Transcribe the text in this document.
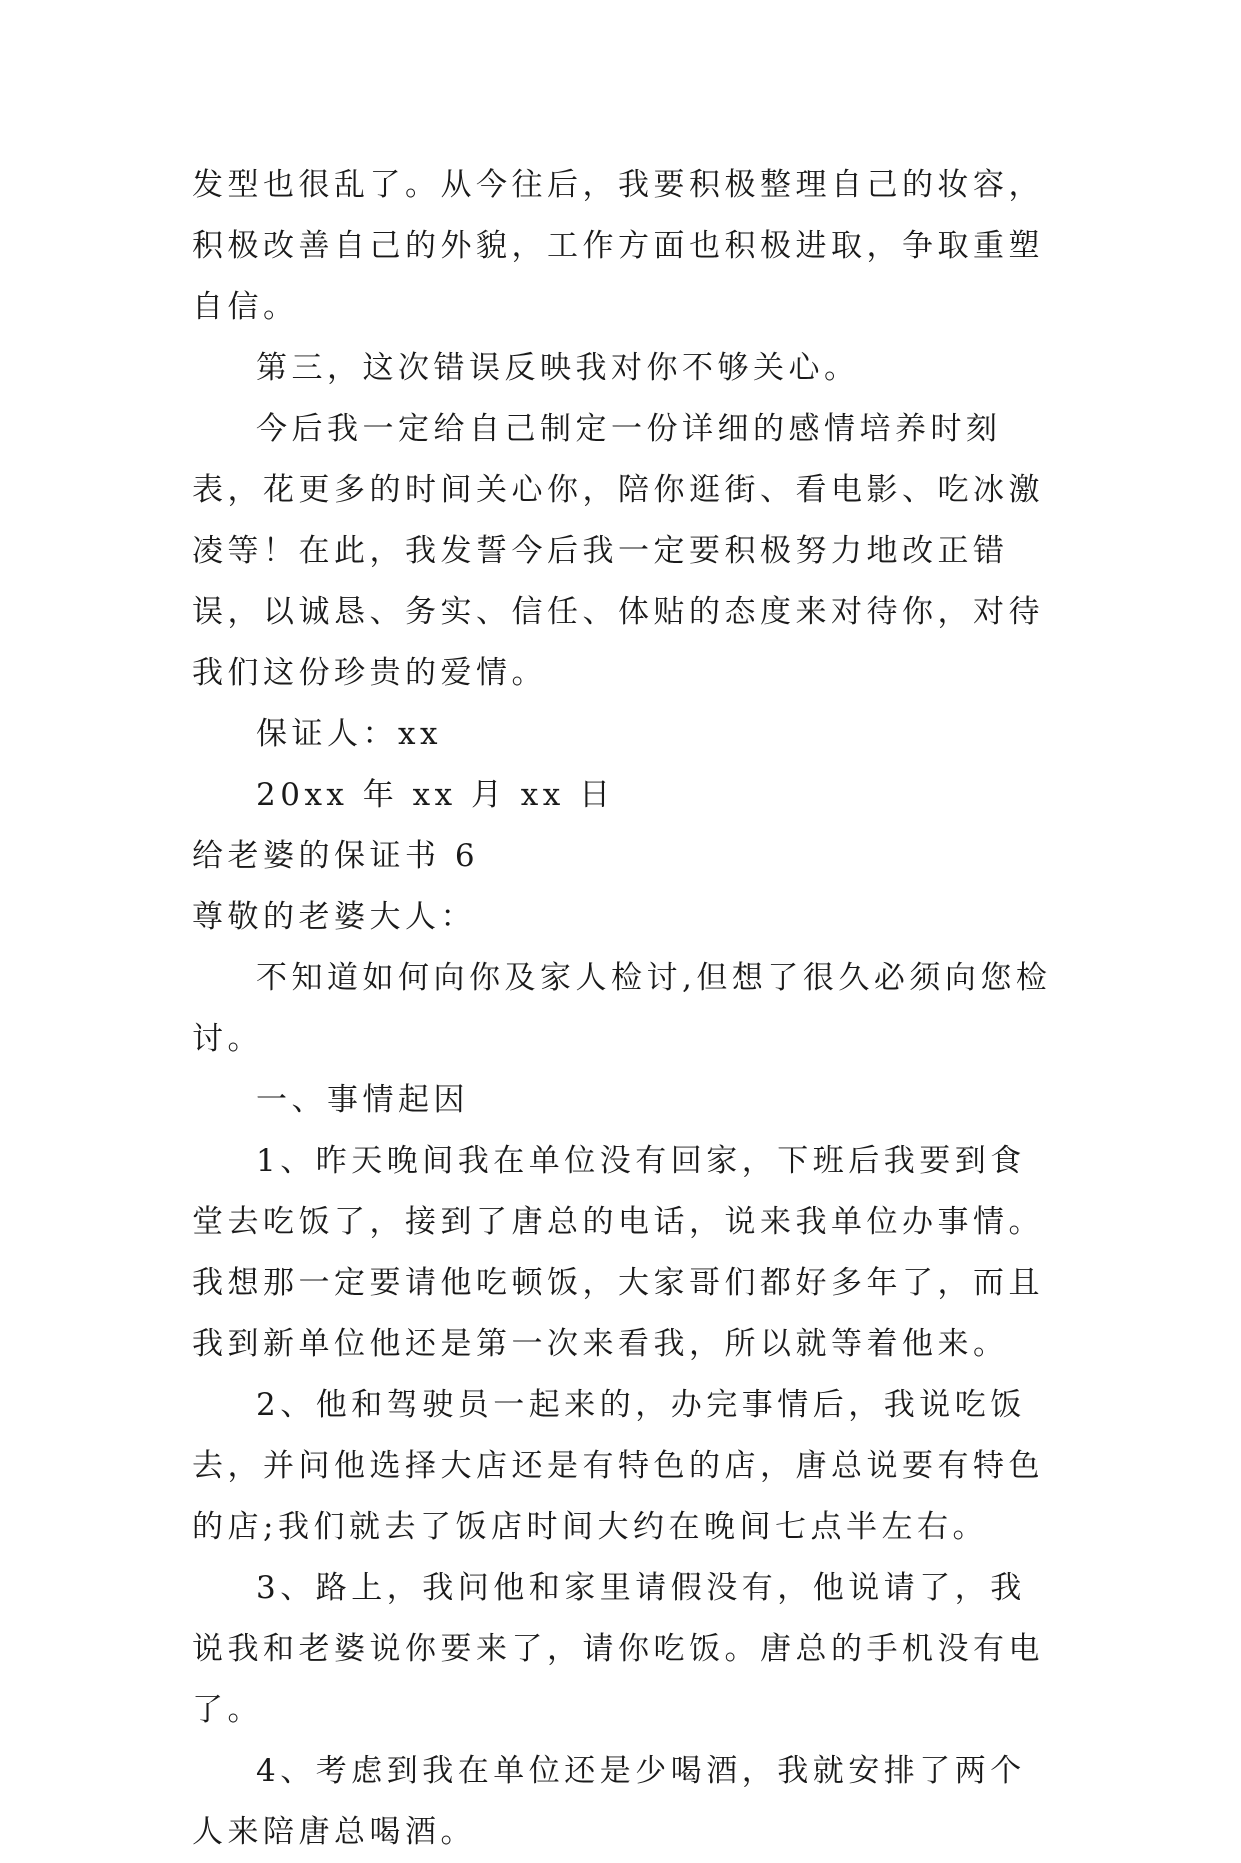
发型也很乱了。从今往后，我要积极整理自己的妆容，积极改善自己的外貌，工作方面也积极进取，争取重塑自信。

第三，这次错误反映我对你不够关心。

今后我一定给自己制定一份详细的感情培养时刻表，花更多的时间关心你，陪你逛街、看电影、吃冰激凌等！在此，我发誓今后我一定要积极努力地改正错误，以诚恳、务实、信任、体贴的态度来对待你，对待我们这份珍贵的爱情。

保证人：xx

20xx 年 xx 月 xx 日

给老婆的保证书 6

尊敬的老婆大人：

不知道如何向你及家人检讨,但想了很久必须向您检讨。

一、事情起因

1、昨天晚间我在单位没有回家，下班后我要到食堂去吃饭了，接到了唐总的电话，说来我单位办事情。我想那一定要请他吃顿饭，大家哥们都好多年了，而且我到新单位他还是第一次来看我，所以就等着他来。

2、他和驾驶员一起来的，办完事情后，我说吃饭去，并问他选择大店还是有特色的店，唐总说要有特色的店;我们就去了饭店时间大约在晚间七点半左右。

3、路上，我问他和家里请假没有，他说请了，我说我和老婆说你要来了，请你吃饭。唐总的手机没有电了。

4、考虑到我在单位还是少喝酒，我就安排了两个人来陪唐总喝酒。
